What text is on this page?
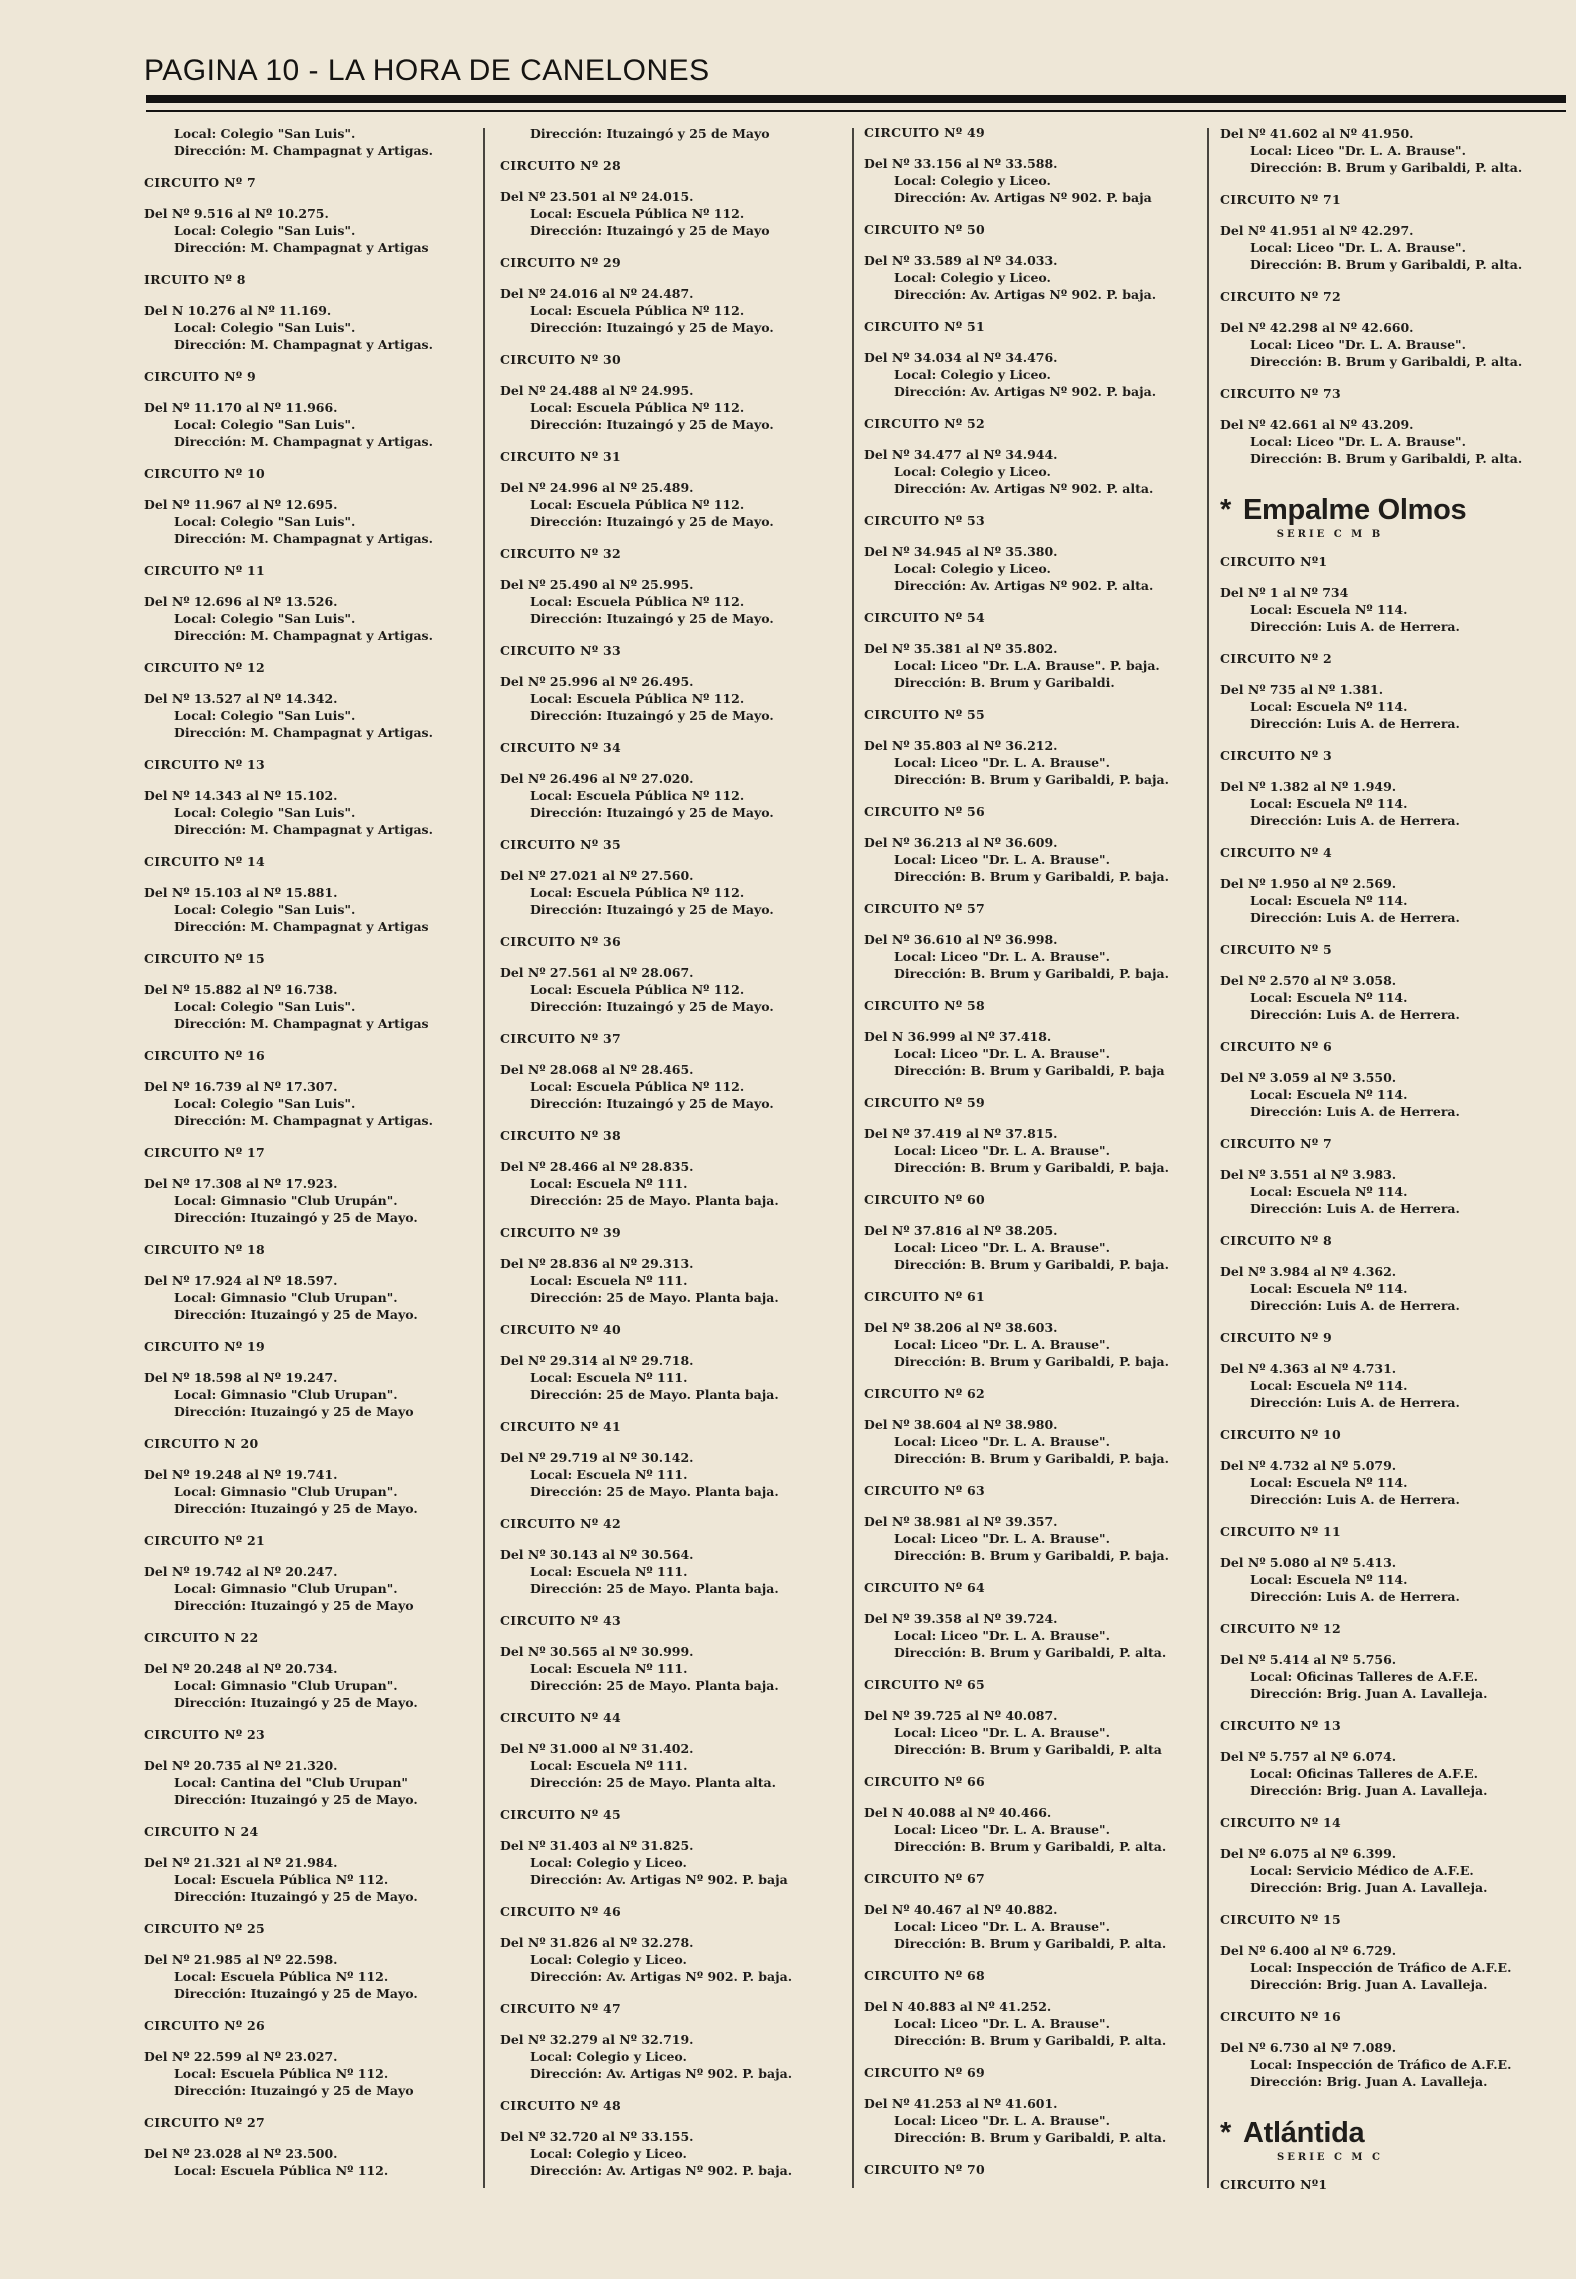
PAGINA 10 - LA HORA DE CANELONES
Local: Colegio "San Luis".
Dirección: M. Champagnat y Artigas.
CIRCUITO Nº 7
Del Nº 9.516 al Nº 10.275.
Local: Colegio "San Luis".
Dirección: M. Champagnat y Artigas
IRCUITO Nº 8
Del N 10.276 al Nº 11.169.
Local: Colegio "San Luis".
Dirección: M. Champagnat y Artigas.
CIRCUITO Nº 9
Del Nº 11.170 al Nº 11.966.
Local: Colegio "San Luis".
Dirección: M. Champagnat y Artigas.
CIRCUITO Nº 10
Del Nº 11.967 al Nº 12.695.
Local: Colegio "San Luis".
Dirección: M. Champagnat y Artigas.
CIRCUITO Nº 11
Del Nº 12.696 al Nº 13.526.
Local: Colegio "San Luis".
Dirección: M. Champagnat y Artigas.
CIRCUITO Nº 12
Del Nº 13.527 al Nº 14.342.
Local: Colegio "San Luis".
Dirección: M. Champagnat y Artigas.
CIRCUITO Nº 13
Del Nº 14.343 al Nº 15.102.
Local: Colegio "San Luis".
Dirección: M. Champagnat y Artigas.
CIRCUITO Nº 14
Del Nº 15.103 al Nº 15.881.
Local: Colegio "San Luis".
Dirección: M. Champagnat y Artigas
CIRCUITO Nº 15
Del Nº 15.882 al Nº 16.738.
Local: Colegio "San Luis".
Dirección: M. Champagnat y Artigas
CIRCUITO Nº 16
Del Nº 16.739 al Nº 17.307.
Local: Colegio "San Luis".
Dirección: M. Champagnat y Artigas.
CIRCUITO Nº 17
Del Nº 17.308 al Nº 17.923.
Local: Gimnasio "Club Urupán".
Dirección: Ituzaingó y 25 de Mayo.
CIRCUITO Nº 18
Del Nº 17.924 al Nº 18.597.
Local: Gimnasio "Club Urupan".
Dirección: Ituzaingó y 25 de Mayo.
CIRCUITO Nº 19
Del Nº 18.598 al Nº 19.247.
Local: Gimnasio "Club Urupan".
Dirección: Ituzaingó y 25 de Mayo
CIRCUITO N 20
Del Nº 19.248 al Nº 19.741.
Local: Gimnasio "Club Urupan".
Dirección: Ituzaingó y 25 de Mayo.
CIRCUITO Nº 21
Del Nº 19.742 al Nº 20.247.
Local: Gimnasio "Club Urupan".
Dirección: Ituzaingó y 25 de Mayo
CIRCUITO N 22
Del Nº 20.248 al Nº 20.734.
Local: Gimnasio "Club Urupan".
Dirección: Ituzaingó y 25 de Mayo.
CIRCUITO Nº 23
Del Nº 20.735 al Nº 21.320.
Local: Cantina del "Club Urupan"
Dirección: Ituzaingó y 25 de Mayo.
CIRCUITO N 24
Del Nº 21.321 al Nº 21.984.
Local: Escuela Pública Nº 112.
Dirección: Ituzaingó y 25 de Mayo.
CIRCUITO Nº 25
Del Nº 21.985 al Nº 22.598.
Local: Escuela Pública Nº 112.
Dirección: Ituzaingó y 25 de Mayo.
CIRCUITO Nº 26
Del Nº 22.599 al Nº 23.027.
Local: Escuela Pública Nº 112.
Dirección: Ituzaingó y 25 de Mayo
CIRCUITO Nº 27
Del Nº 23.028 al Nº 23.500.
Local: Escuela Pública Nº 112.
Dirección: Ituzaingó y 25 de Mayo
CIRCUITO Nº 28
Del Nº 23.501 al Nº 24.015.
Local: Escuela Pública Nº 112.
Dirección: Ituzaingó y 25 de Mayo
CIRCUITO Nº 29
Del Nº 24.016 al Nº 24.487.
Local: Escuela Pública Nº 112.
Dirección: Ituzaingó y 25 de Mayo.
CIRCUITO Nº 30
Del Nº 24.488 al Nº 24.995.
Local: Escuela Pública Nº 112.
Dirección: Ituzaingó y 25 de Mayo.
CIRCUITO Nº 31
Del Nº 24.996 al Nº 25.489.
Local: Escuela Pública Nº 112.
Dirección: Ituzaingó y 25 de Mayo.
CIRCUITO Nº 32
Del Nº 25.490 al Nº 25.995.
Local: Escuela Pública Nº 112.
Dirección: Ituzaingó y 25 de Mayo.
CIRCUITO Nº 33
Del Nº 25.996 al Nº 26.495.
Local: Escuela Pública Nº 112.
Dirección: Ituzaingó y 25 de Mayo.
CIRCUITO Nº 34
Del Nº 26.496 al Nº 27.020.
Local: Escuela Pública Nº 112.
Dirección: Ituzaingó y 25 de Mayo.
CIRCUITO Nº 35
Del Nº 27.021 al Nº 27.560.
Local: Escuela Pública Nº 112.
Dirección: Ituzaingó y 25 de Mayo.
CIRCUITO Nº 36
Del Nº 27.561 al Nº 28.067.
Local: Escuela Pública Nº 112.
Dirección: Ituzaingó y 25 de Mayo.
CIRCUITO Nº 37
Del Nº 28.068 al Nº 28.465.
Local: Escuela Pública Nº 112.
Dirección: Ituzaingó y 25 de Mayo.
CIRCUITO Nº 38
Del Nº 28.466 al Nº 28.835.
Local: Escuela Nº 111.
Dirección: 25 de Mayo. Planta baja.
CIRCUITO Nº 39
Del Nº 28.836 al Nº 29.313.
Local: Escuela Nº 111.
Dirección: 25 de Mayo. Planta baja.
CIRCUITO Nº 40
Del Nº 29.314 al Nº 29.718.
Local: Escuela Nº 111.
Dirección: 25 de Mayo. Planta baja.
CIRCUITO Nº 41
Del Nº 29.719 al Nº 30.142.
Local: Escuela Nº 111.
Dirección: 25 de Mayo. Planta baja.
CIRCUITO Nº 42
Del Nº 30.143 al Nº 30.564.
Local: Escuela Nº 111.
Dirección: 25 de Mayo. Planta baja.
CIRCUITO Nº 43
Del Nº 30.565 al Nº 30.999.
Local: Escuela Nº 111.
Dirección: 25 de Mayo. Planta baja.
CIRCUITO Nº 44
Del Nº 31.000 al Nº 31.402.
Local: Escuela Nº 111.
Dirección: 25 de Mayo. Planta alta.
CIRCUITO Nº 45
Del Nº 31.403 al Nº 31.825.
Local: Colegio y Liceo.
Dirección: Av. Artigas Nº 902. P. baja
CIRCUITO Nº 46
Del Nº 31.826 al Nº 32.278.
Local: Colegio y Liceo.
Dirección: Av. Artigas Nº 902. P. baja.
CIRCUITO Nº 47
Del Nº 32.279 al Nº 32.719.
Local: Colegio y Liceo.
Dirección: Av. Artigas Nº 902. P. baja.
CIRCUITO Nº 48
Del Nº 32.720 al Nº 33.155.
Local: Colegio y Liceo.
Dirección: Av. Artigas Nº 902. P. baja.
CIRCUITO Nº 49
Del Nº 33.156 al Nº 33.588.
Local: Colegio y Liceo.
Dirección: Av. Artigas Nº 902. P. baja
CIRCUITO Nº 50
Del Nº 33.589 al Nº 34.033.
Local: Colegio y Liceo.
Dirección: Av. Artigas Nº 902. P. baja.
CIRCUITO Nº 51
Del Nº 34.034 al Nº 34.476.
Local: Colegio y Liceo.
Dirección: Av. Artigas Nº 902. P. baja.
CIRCUITO Nº 52
Del Nº 34.477 al Nº 34.944.
Local: Colegio y Liceo.
Dirección: Av. Artigas Nº 902. P. alta.
CIRCUITO Nº 53
Del Nº 34.945 al Nº 35.380.
Local: Colegio y Liceo.
Dirección: Av. Artigas Nº 902. P. alta.
CIRCUITO Nº 54
Del Nº 35.381 al Nº 35.802.
Local: Liceo "Dr. L.A. Brause". P. baja.
Dirección: B. Brum y Garibaldi.
CIRCUITO Nº 55
Del Nº 35.803 al Nº 36.212.
Local: Liceo "Dr. L. A. Brause".
Dirección: B. Brum y Garibaldi, P. baja.
CIRCUITO Nº 56
Del Nº 36.213 al Nº 36.609.
Local: Liceo "Dr. L. A. Brause".
Dirección: B. Brum y Garibaldi, P. baja.
CIRCUITO Nº 57
Del Nº 36.610 al Nº 36.998.
Local: Liceo "Dr. L. A. Brause".
Dirección: B. Brum y Garibaldi, P. baja.
CIRCUITO Nº 58
Del N 36.999 al Nº 37.418.
Local: Liceo "Dr. L. A. Brause".
Dirección: B. Brum y Garibaldi, P. baja
CIRCUITO Nº 59
Del Nº 37.419 al Nº 37.815.
Local: Liceo "Dr. L. A. Brause".
Dirección: B. Brum y Garibaldi, P. baja.
CIRCUITO Nº 60
Del Nº 37.816 al Nº 38.205.
Local: Liceo "Dr. L. A. Brause".
Dirección: B. Brum y Garibaldi, P. baja.
CIRCUITO Nº 61
Del Nº 38.206 al Nº 38.603.
Local: Liceo "Dr. L. A. Brause".
Dirección: B. Brum y Garibaldi, P. baja.
CIRCUITO Nº 62
Del Nº 38.604 al Nº 38.980.
Local: Liceo "Dr. L. A. Brause".
Dirección: B. Brum y Garibaldi, P. baja.
CIRCUITO Nº 63
Del Nº 38.981 al Nº 39.357.
Local: Liceo "Dr. L. A. Brause".
Dirección: B. Brum y Garibaldi, P. baja.
CIRCUITO Nº 64
Del Nº 39.358 al Nº 39.724.
Local: Liceo "Dr. L. A. Brause".
Dirección: B. Brum y Garibaldi, P. alta.
CIRCUITO Nº 65
Del Nº 39.725 al Nº 40.087.
Local: Liceo "Dr. L. A. Brause".
Dirección: B. Brum y Garibaldi, P. alta
CIRCUITO Nº 66
Del N 40.088 al Nº 40.466.
Local: Liceo "Dr. L. A. Brause".
Dirección: B. Brum y Garibaldi, P. alta.
CIRCUITO Nº 67
Del Nº 40.467 al Nº 40.882.
Local: Liceo "Dr. L. A. Brause".
Dirección: B. Brum y Garibaldi, P. alta.
CIRCUITO Nº 68
Del N 40.883 al Nº 41.252.
Local: Liceo "Dr. L. A. Brause".
Dirección: B. Brum y Garibaldi, P. alta.
CIRCUITO Nº 69
Del Nº 41.253 al Nº 41.601.
Local: Liceo "Dr. L. A. Brause".
Dirección: B. Brum y Garibaldi, P. alta.
CIRCUITO Nº 70
Del Nº 41.602 al Nº 41.950.
Local: Liceo "Dr. L. A. Brause".
Dirección: B. Brum y Garibaldi, P. alta.
CIRCUITO Nº 71
Del Nº 41.951 al Nº 42.297.
Local: Liceo "Dr. L. A. Brause".
Dirección: B. Brum y Garibaldi, P. alta.
CIRCUITO Nº 72
Del Nº 42.298 al Nº 42.660.
Local: Liceo "Dr. L. A. Brause".
Dirección: B. Brum y Garibaldi, P. alta.
CIRCUITO Nº 73
Del Nº 42.661 al Nº 43.209.
Local: Liceo "Dr. L. A. Brause".
Dirección: B. Brum y Garibaldi, P. alta.
* Empalme Olmos
SERIE C M B
CIRCUITO Nº1
Del Nº 1 al Nº 734
Local: Escuela Nº 114.
Dirección: Luis A. de Herrera.
CIRCUITO Nº 2
Del Nº 735 al Nº 1.381.
Local: Escuela Nº 114.
Dirección: Luis A. de Herrera.
CIRCUITO Nº 3
Del Nº 1.382 al Nº 1.949.
Local: Escuela Nº 114.
Dirección: Luis A. de Herrera.
CIRCUITO Nº 4
Del Nº 1.950 al Nº 2.569.
Local: Escuela Nº 114.
Dirección: Luis A. de Herrera.
CIRCUITO Nº 5
Del Nº 2.570 al Nº 3.058.
Local: Escuela Nº 114.
Dirección: Luis A. de Herrera.
CIRCUITO Nº 6
Del Nº 3.059 al Nº 3.550.
Local: Escuela Nº 114.
Dirección: Luis A. de Herrera.
CIRCUITO Nº 7
Del Nº 3.551 al Nº 3.983.
Local: Escuela Nº 114.
Dirección: Luis A. de Herrera.
CIRCUITO Nº 8
Del Nº 3.984 al Nº 4.362.
Local: Escuela Nº 114.
Dirección: Luis A. de Herrera.
CIRCUITO Nº 9
Del Nº 4.363 al Nº 4.731.
Local: Escuela Nº 114.
Dirección: Luis A. de Herrera.
CIRCUITO Nº 10
Del Nº 4.732 al Nº 5.079.
Local: Escuela Nº 114.
Dirección: Luis A. de Herrera.
CIRCUITO Nº 11
Del Nº 5.080 al Nº 5.413.
Local: Escuela Nº 114.
Dirección: Luis A. de Herrera.
CIRCUITO Nº 12
Del Nº 5.414 al Nº 5.756.
Local: Oficinas Talleres de A.F.E.
Dirección: Brig. Juan A. Lavalleja.
CIRCUITO Nº 13
Del Nº 5.757 al Nº 6.074.
Local: Oficinas Talleres de A.F.E.
Dirección: Brig. Juan A. Lavalleja.
CIRCUITO Nº 14
Del Nº 6.075 al Nº 6.399.
Local: Servicio Médico de A.F.E.
Dirección: Brig. Juan A. Lavalleja.
CIRCUITO Nº 15
Del Nº 6.400 al Nº 6.729.
Local: Inspección de Tráfico de A.F.E.
Dirección: Brig. Juan A. Lavalleja.
CIRCUITO Nº 16
Del Nº 6.730 al Nº 7.089.
Local: Inspección de Tráfico de A.F.E.
Dirección: Brig. Juan A. Lavalleja.
* Atlántida
SERIE C M C
CIRCUITO Nº1
